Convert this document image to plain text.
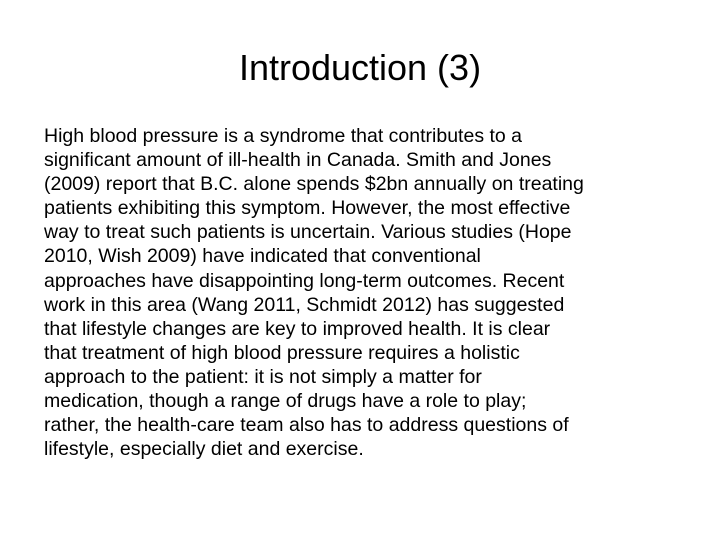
Introduction (3)
High blood pressure is a syndrome that contributes to a
significant amount of ill-health in Canada. Smith and Jones
(2009) report that B.C. alone spends $2bn annually on treating
patients exhibiting this symptom. However, the most effective
way to treat such patients is uncertain. Various studies (Hope
2010, Wish 2009) have indicated that conventional
approaches have disappointing long-term outcomes. Recent
work in this area (Wang 2011, Schmidt 2012) has suggested
that lifestyle changes are key to improved health. It is clear
that treatment of high blood pressure requires a holistic
approach to the patient: it is not simply a matter for
medication, though a range of drugs have a role to play;
rather, the health-care team also has to address questions of
lifestyle, especially diet and exercise.
